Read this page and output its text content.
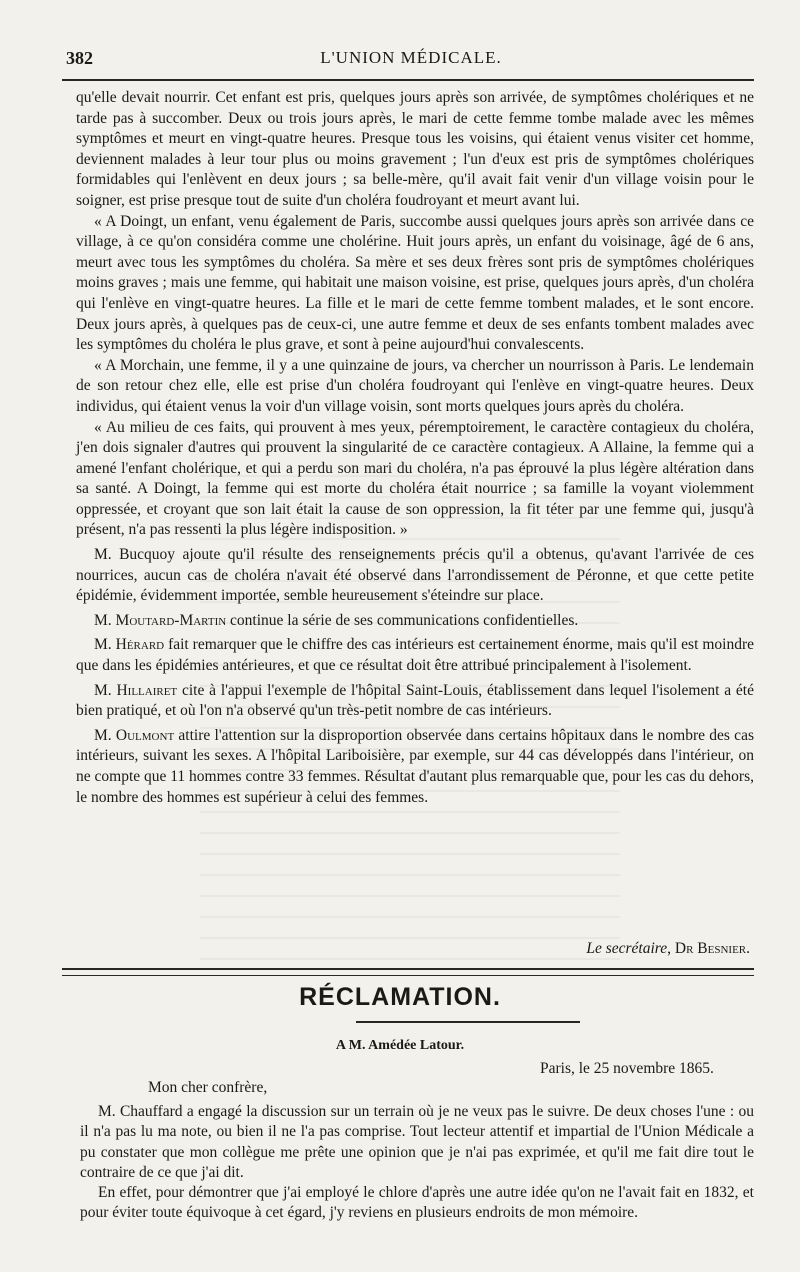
382	L'UNION MÉDICALE.

qu'elle devait nourrir. Cet enfant est pris, quelques jours après son arrivée, de symptômes cholériques et ne tarde pas à succomber. Deux ou trois jours après, le mari de cette femme tombe malade avec les mêmes symptômes et meurt en vingt-quatre heures. Presque tous les voisins, qui étaient venus visiter cet homme, deviennent malades à leur tour plus ou moins gravement ; l'un d'eux est pris de symptômes cholériques formidables qui l'enlèvent en deux jours ; sa belle-mère, qu'il avait fait venir d'un village voisin pour le soigner, est prise presque tout de suite d'un choléra foudroyant et meurt avant lui.

« A Doingt, un enfant, venu également de Paris, succombe aussi quelques jours après son arrivée dans ce village, à ce qu'on considéra comme une cholérine. Huit jours après, un enfant du voisinage, âgé de 6 ans, meurt avec tous les symptômes du choléra. Sa mère et ses deux frères sont pris de symptômes cholériques moins graves ; mais une femme, qui habitait une maison voisine, est prise, quelques jours après, d'un choléra qui l'enlève en vingt-quatre heures. La fille et le mari de cette femme tombent malades, et le sont encore. Deux jours après, à quelques pas de ceux-ci, une autre femme et deux de ses enfants tombent malades avec les symptômes du choléra le plus grave, et sont à peine aujourd'hui convalescents.

« A Morchain, une femme, il y a une quinzaine de jours, va chercher un nourrisson à Paris. Le lendemain de son retour chez elle, elle est prise d'un choléra foudroyant qui l'enlève en vingt-quatre heures. Deux individus, qui étaient venus la voir d'un village voisin, sont morts quelques jours après du choléra.

« Au milieu de ces faits, qui prouvent à mes yeux, péremptoirement, le caractère contagieux du choléra, j'en dois signaler d'autres qui prouvent la singularité de ce caractère contagieux. A Allaine, la femme qui a amené l'enfant cholérique, et qui a perdu son mari du choléra, n'a pas éprouvé la plus légère altération dans sa santé. A Doingt, la femme qui est morte du choléra était nourrice ; sa famille la voyant violemment oppressée, et croyant que son lait était la cause de son oppression, la fit téter par une femme qui, jusqu'à présent, n'a pas ressenti la plus légère indisposition. »

M. Bucquoy ajoute qu'il résulte des renseignements précis qu'il a obtenus, qu'avant l'arrivée de ces nourrices, aucun cas de choléra n'avait été observé dans l'arrondissement de Péronne, et que cette petite épidémie, évidemment importée, semble heureusement s'éteindre sur place.

M. Moutard-Martin continue la série de ses communications confidentielles.

M. Hérard fait remarquer que le chiffre des cas intérieurs est certainement énorme, mais qu'il est moindre que dans les épidémies antérieures, et que ce résultat doit être attribué principalement à l'isolement.

M. Hillairet cite à l'appui l'exemple de l'hôpital Saint-Louis, établissement dans lequel l'isolement a été bien pratiqué, et où l'on n'a observé qu'un très-petit nombre de cas intérieurs.

M. Oulmont attire l'attention sur la disproportion observée dans certains hôpitaux dans le nombre des cas intérieurs, suivant les sexes. A l'hôpital Lariboisière, par exemple, sur 44 cas développés dans l'intérieur, on ne compte que 11 hommes contre 33 femmes. Résultat d'autant plus remarquable que, pour les cas du dehors, le nombre des hommes est supérieur à celui des femmes.

Le secrétaire, Dr Besnier.
RÉCLAMATION.
A M. Amédée Latour.
Paris, le 25 novembre 1865.
Mon cher confrère,

M. Chauffard a engagé la discussion sur un terrain où je ne veux pas le suivre. De deux choses l'une : ou il n'a pas lu ma note, ou bien il ne l'a pas comprise. Tout lecteur attentif et impartial de l'Union Médicale a pu constater que mon collègue me prête une opinion que je n'ai pas exprimée, et qu'il me fait dire tout le contraire de ce que j'ai dit.

En effet, pour démontrer que j'ai employé le chlore d'après une autre idée qu'on ne l'avait fait en 1832, et pour éviter toute équivoque à cet égard, j'y reviens en plusieurs endroits de mon mémoire.
